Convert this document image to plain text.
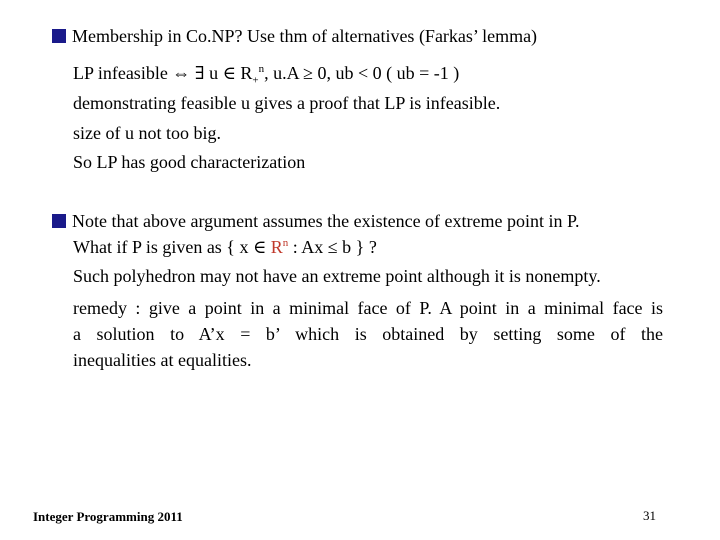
Membership in Co.NP? Use thm of alternatives (Farkas’ lemma)
LP infeasible ⇔ ∃ u ∈ $R_+^n$, u.A ≥ 0, ub < 0 ( ub = -1 )
demonstrating feasible u gives a proof that LP is infeasible.
size of u not too big.
So LP has good characterization
Note that above argument assumes the existence of extreme point in P.
What if P is given as { x ∈ $R^n$ : Ax ≤ b } ?
Such polyhedron may not have an extreme point although it is nonempty.
remedy : give a point in a minimal face of P. A point in a minimal face is
a solution to A’x = b’ which is obtained by setting some of the
inequalities at equalities.
Integer Programming 2011	31
